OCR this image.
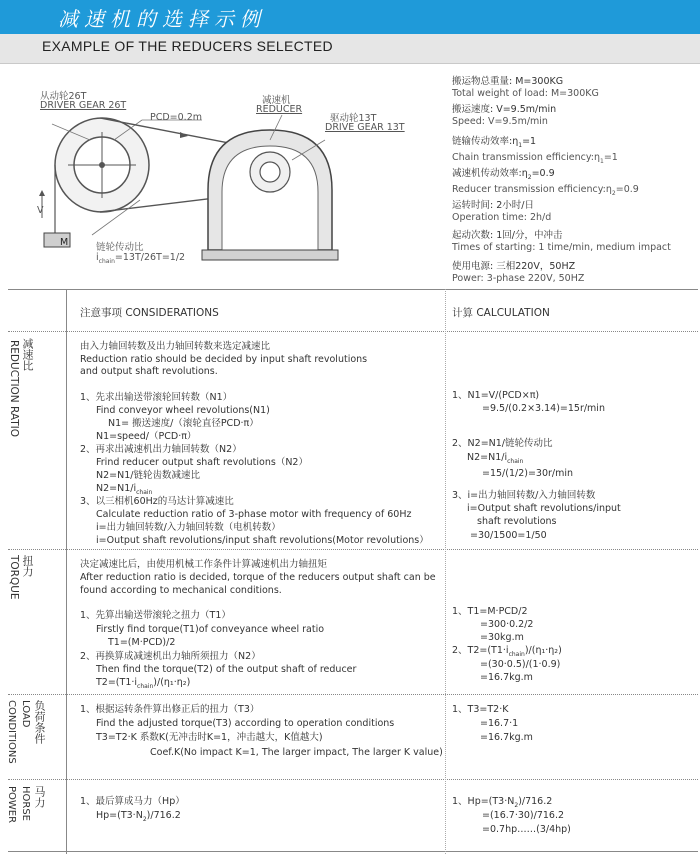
减速机的选择示例
EXAMPLE OF THE REDUCERS SELECTED
从动轮26T
DRIVER GEAR 26T
PCD=0.2m
减速机
REDUCER
驱动轮13T
DRIVE GEAR 13T
V
M	链轮传动比
$i_{chain}=13T/26T=1/2$
搬运物总重量: M=300KG
Total weight of load: M=300KG
搬运速度: V=9.5m/min
Speed: V=9.5m/min
链输传动效率$:\eta_1=1$
Chain transmission $efficiency:\eta_1=1$
减速机传动效率$:\eta_2=0.9$
Reducer transmission $efficiency:\eta_2=0.9$
运转时间: 2小时/日
Operation time: 2h/d
起动次数: 1回/分，中冲击
Times of starting: 1 time/min, medium impact
使用电源: 三相220V，50HZ
Power: 3-phase 220V, 50HZ
注意事项 CONSIDERATIONS	计算 CALCULATION
减速比
REDUCTION RATIO
扭力
TORQUE
负荷条件
LOAD
CONDITIONS
马力
HORSE
POWER
由入力轴回转数及出力轴回转数来选定减速比
Reduction ratio should be decided by input shaft revolutions
and output shaft revolutions.
1、先求出输送带滚轮回转数（N1）
Find conveyor wheel revolutions(N1)
N1= 搬送速度/（滚轮直径PCD·π）
N1=speed/（PCD·π）
2、再求出减速机出力轴回转数（N2）
Frind reducer output shaft revolutions（N2）
N2=N1/链轮齿数减速比
$N2=N1/i_{chain}$
3、以三相机60Hz的马达计算减速比
Calculate reduction ratio of 3-phase motor with frequency of 60Hz
i=出力轴回转数/入力轴回转数（电机转数）
i=Output shaft revolutions/input shaft revolutions(Motor revolutions）
1、N1=V/(PCD×π)
=9.5/(0.2×3.14)=15r/min
2、N2=N1/链轮传动比
$N2=N1/i_{chain}$
=15/(1/2)=30r/min
3、i=出力轴回转数/入力轴回转数
i=Output shaft revolutions/input
shaft revolutions
=30/1500=1/50
决定减速比后，由使用机械工作条件计算减速机出力轴扭矩
After reduction ratio is decided, torque of the reducers output shaft can be
found according to mechanical conditions.
1、先算出输送带滚轮之扭力（T1）
Firstly find torque(T1)of conveyance wheel ratio
T1=(M·PCD)/2
2、再换算成减速机出力轴所须扭力（N2）
Then find the torque(T2) of the output shaft of reducer
$T2=(T1\cdot i_{chain})/(\eta_1\cdot\eta_2)$
1、T1=M·PCD/2
=300·0.2/2
=30kg.m
2、$T2=(T1\cdot i_{chain})/(\eta_1\cdot\eta_2)$
=(30·0.5)/(1·0.9)
=16.7kg.m
1、根据运转条件算出修正后的扭力（T3）
Find the adjusted torque(T3) according to operation conditions
T3=T2·K 系数K(无冲击时K=1，冲击越大，K值越大)
Coef.K(No impact K=1, The larger impact, The larger K value)
1、T3=T2·K
=16.7·1
=16.7kg.m
1、最后算成马力（Hp）
$Hp=(T3\cdot N_2)/716.2$
1、$Hp=(T3\cdot N_2)/716.2$
=(16.7·30)/716.2
=0.7hp……(3/4hp)
